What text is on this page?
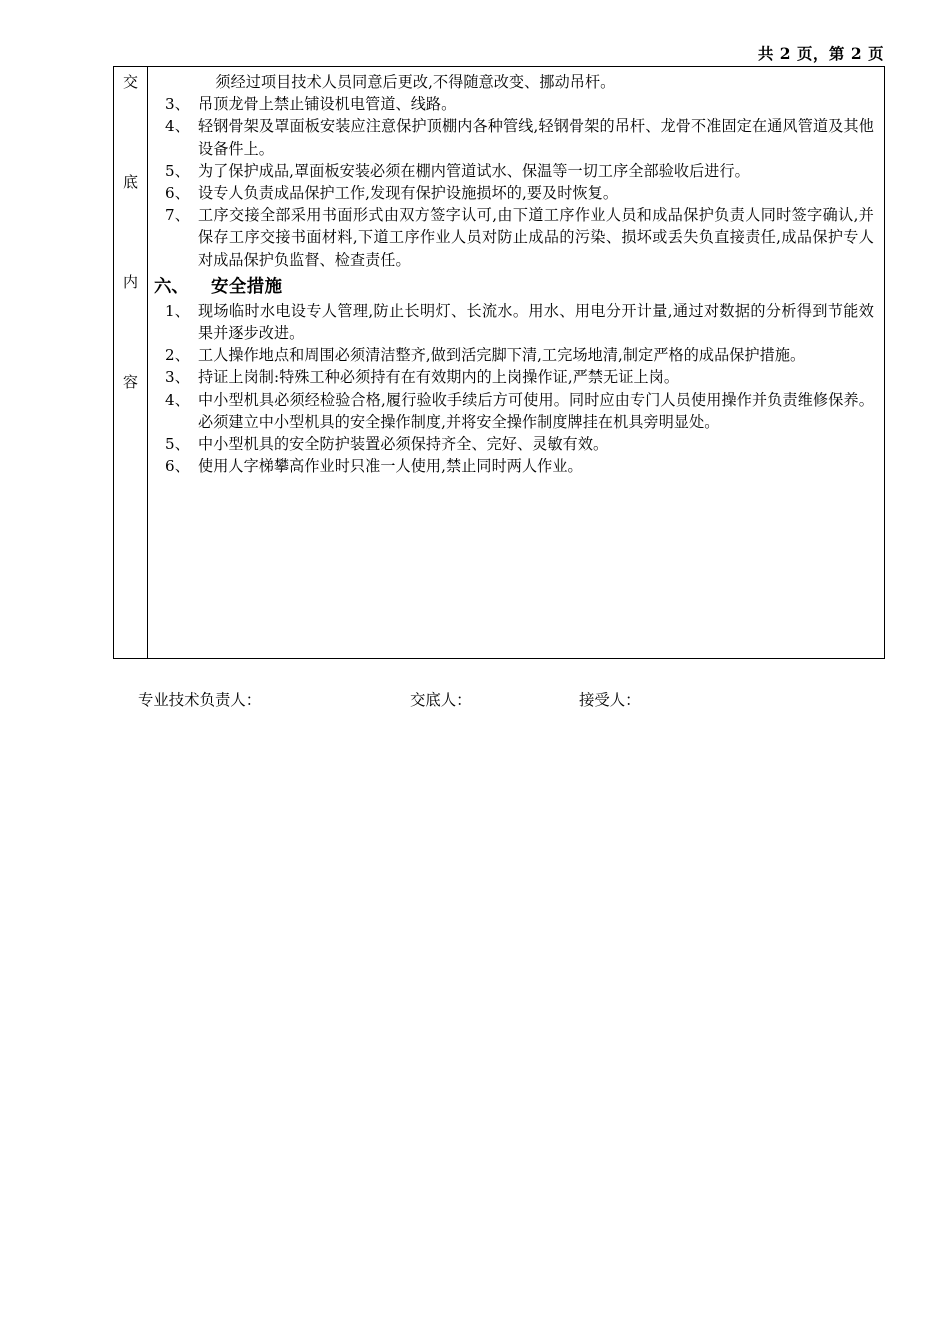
共 2 页，第 2 页
交
底
内
容
须经过项目技术人员同意后更改,不得随意改变、挪动吊杆。
3、 吊顶龙骨上禁止铺设机电管道、线路。
4、 轻钢骨架及罩面板安装应注意保护顶棚内各种管线,轻钢骨架的吊杆、龙骨不准固定在通风管道及其他设备件上。
5、 为了保护成品,罩面板安装必须在棚内管道试水、保温等一切工序全部验收后进行。
6、 设专人负责成品保护工作,发现有保护设施损坏的,要及时恢复。
7、 工序交接全部采用书面形式由双方签字认可,由下道工序作业人员和成品保护负责人同时签字确认,并保存工序交接书面材料,下道工序作业人员对防止成品的污染、损坏或丢失负直接责任,成品保护专人对成品保护负监督、检查责任。
六、	安全措施
1、 现场临时水电设专人管理,防止长明灯、长流水。用水、用电分开计量,通过对数据的分析得到节能效果并逐步改进。
2、 工人操作地点和周围必须清洁整齐,做到活完脚下清,工完场地清,制定严格的成品保护措施。
3、 持证上岗制:特殊工种必须持有在有效期内的上岗操作证,严禁无证上岗。
4、 中小型机具必须经检验合格,履行验收手续后方可使用。同时应由专门人员使用操作并负责维修保养。必须建立中小型机具的安全操作制度,并将安全操作制度牌挂在机具旁明显处。
5、 中小型机具的安全防护装置必须保持齐全、完好、灵敏有效。
6、 使用人字梯攀高作业时只准一人使用,禁止同时两人作业。
专业技术负责人：	交底人：	接受人：
